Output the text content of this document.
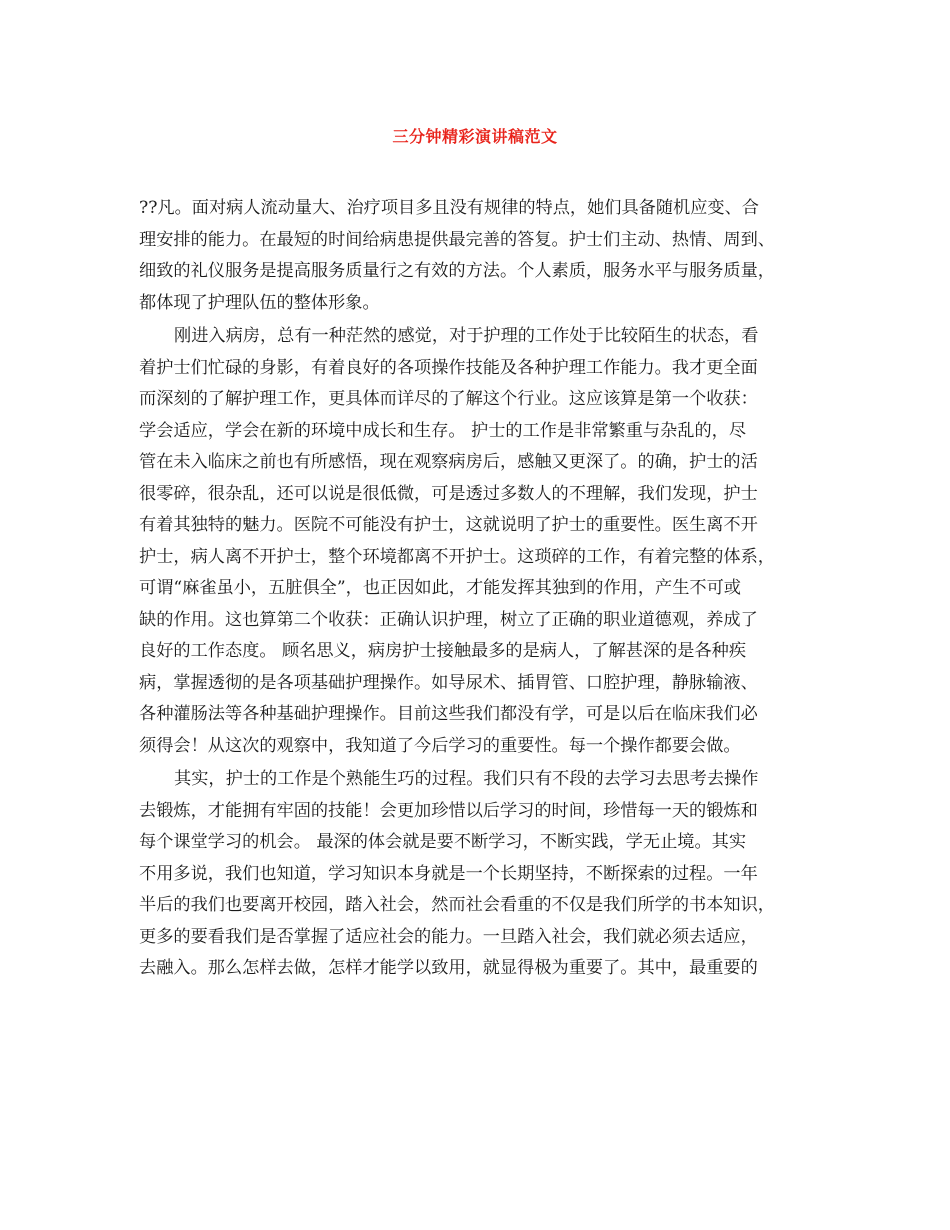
三分钟精彩演讲稿范文
??凡。面对病人流动量大、治疗项目多且没有规律的特点，她们具备随机应变、合
理安排的能力。在最短的时间给病患提供最完善的答复。护士们主动、热情、周到、
细致的礼仪服务是提高服务质量行之有效的方法。个人素质，服务水平与服务质量，
都体现了护理队伍的整体形象。
刚进入病房，总有一种茫然的感觉，对于护理的工作处于比较陌生的状态，看
着护士们忙碌的身影，有着良好的各项操作技能及各种护理工作能力。我才更全面
而深刻的了解护理工作，更具体而详尽的了解这个行业。这应该算是第一个收获：
学会适应，学会在新的环境中成长和生存。 护士的工作是非常繁重与杂乱的，尽
管在未入临床之前也有所感悟，现在观察病房后，感触又更深了。的确，护士的活
很零碎，很杂乱，还可以说是很低微，可是透过多数人的不理解，我们发现，护士
有着其独特的魅力。医院不可能没有护士，这就说明了护士的重要性。医生离不开
护士，病人离不开护士，整个环境都离不开护士。这琐碎的工作，有着完整的体系，
可谓“麻雀虽小，五脏俱全”，也正因如此，才能发挥其独到的作用，产生不可或
缺的作用。这也算第二个收获：正确认识护理，树立了正确的职业道德观，养成了
良好的工作态度。 顾名思义，病房护士接触最多的是病人，了解甚深的是各种疾
病，掌握透彻的是各项基础护理操作。如导尿术、插胃管、口腔护理，静脉输液、
各种灌肠法等各种基础护理操作。目前这些我们都没有学，可是以后在临床我们必
须得会！从这次的观察中，我知道了今后学习的重要性。每一个操作都要会做。
其实，护士的工作是个熟能生巧的过程。我们只有不段的去学习去思考去操作
去锻炼，才能拥有牢固的技能！会更加珍惜以后学习的时间，珍惜每一天的锻炼和
每个课堂学习的机会。 最深的体会就是要不断学习，不断实践，学无止境。其实
不用多说，我们也知道，学习知识本身就是一个长期坚持，不断探索的过程。一年
半后的我们也要离开校园，踏入社会，然而社会看重的不仅是我们所学的书本知识，
更多的要看我们是否掌握了适应社会的能力。一旦踏入社会，我们就必须去适应，
去融入。那么怎样去做，怎样才能学以致用，就显得极为重要了。其中，最重要的
